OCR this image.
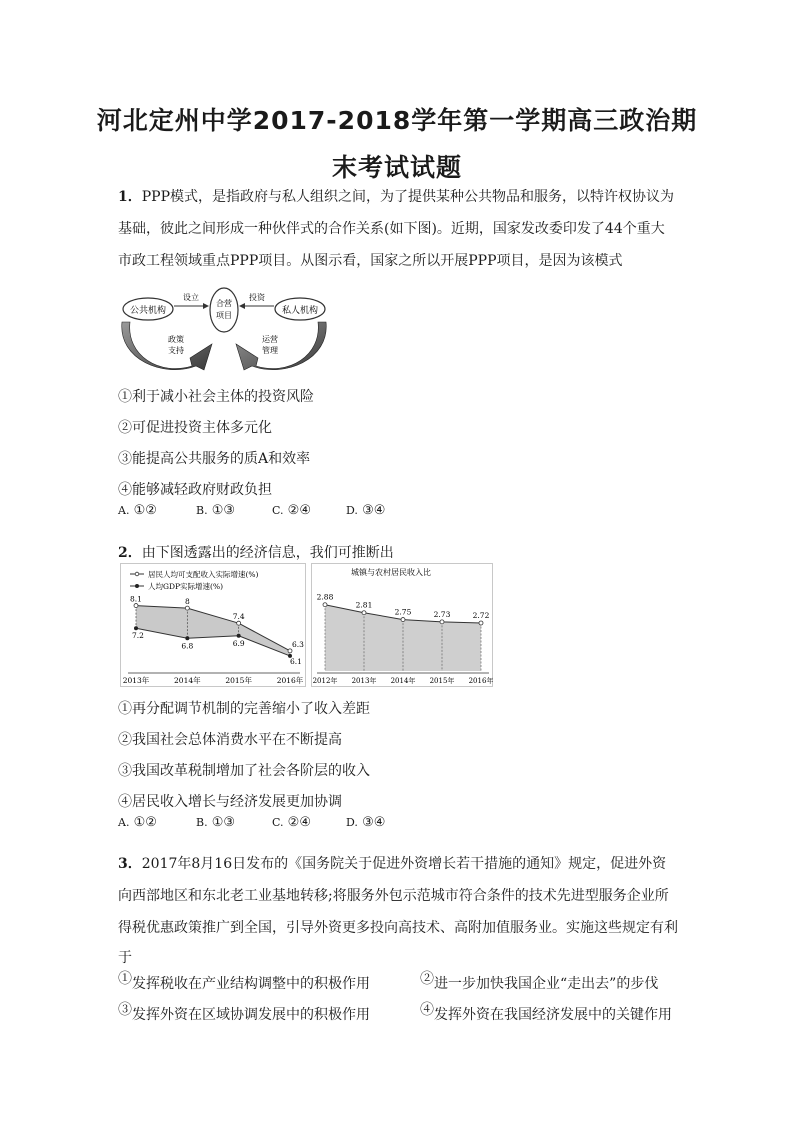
河北定州中学2017-2018学年第一学期高三政治期
末考试试题
1．PPP模式，是指政府与私人组织之间，为了提供某种公共物品和服务，以特许权协议为
基础，彼此之间形成一种伙伴式的合作关系(如下图)。近期，国家发改委印发了44个重大
市政工程领域重点PPP项目。从图示看，国家之所以开展PPP项目，是因为该模式
公共机构	私人机构
合营
项目
设立	投资
政策
支持
运营
管理
①利于减小社会主体的投资风险
②可促进投资主体多元化
③能提高公共服务的质A和效率
④能够减轻政府财政负担
A. ①②	B. ①③	C. ②④	D. ③④
2．由下图透露出的经济信息，我们可推断出
居民人均可支配收入实际增速(%)
人均GDP实际增速(%)
8.1	8
7.4
6.3
7.2
6.8	6.9
6.1
2013年	2014年	2015年	2016年
城镇与农村居民收入比
2.88
2.81
2.75	2.73	2.72
2012年 2013年 2014年 2015年 2016年
①再分配调节机制的完善缩小了收入差距
②我国社会总体消费水平在不断提高
③我国改革税制增加了社会各阶层的收入
④居民收入增长与经济发展更加协调
A. ①②	B. ①③	C. ②④	D. ③④
3．2017年8月16日发布的《国务院关于促进外资增长若干措施的通知》规定，促进外资
向西部地区和东北老工业基地转移;将服务外包示范城市符合条件的技术先进型服务企业所
得税优惠政策推广到全国，引导外资更多投向高技术、高附加值服务业。实施这些规定有利
于
①发挥税收在产业结构调整中的积极作用	②进一步加快我国企业“走出去”的步伐
③发挥外资在区域协调发展中的积极作用	④发挥外资在我国经济发展中的关键作用
